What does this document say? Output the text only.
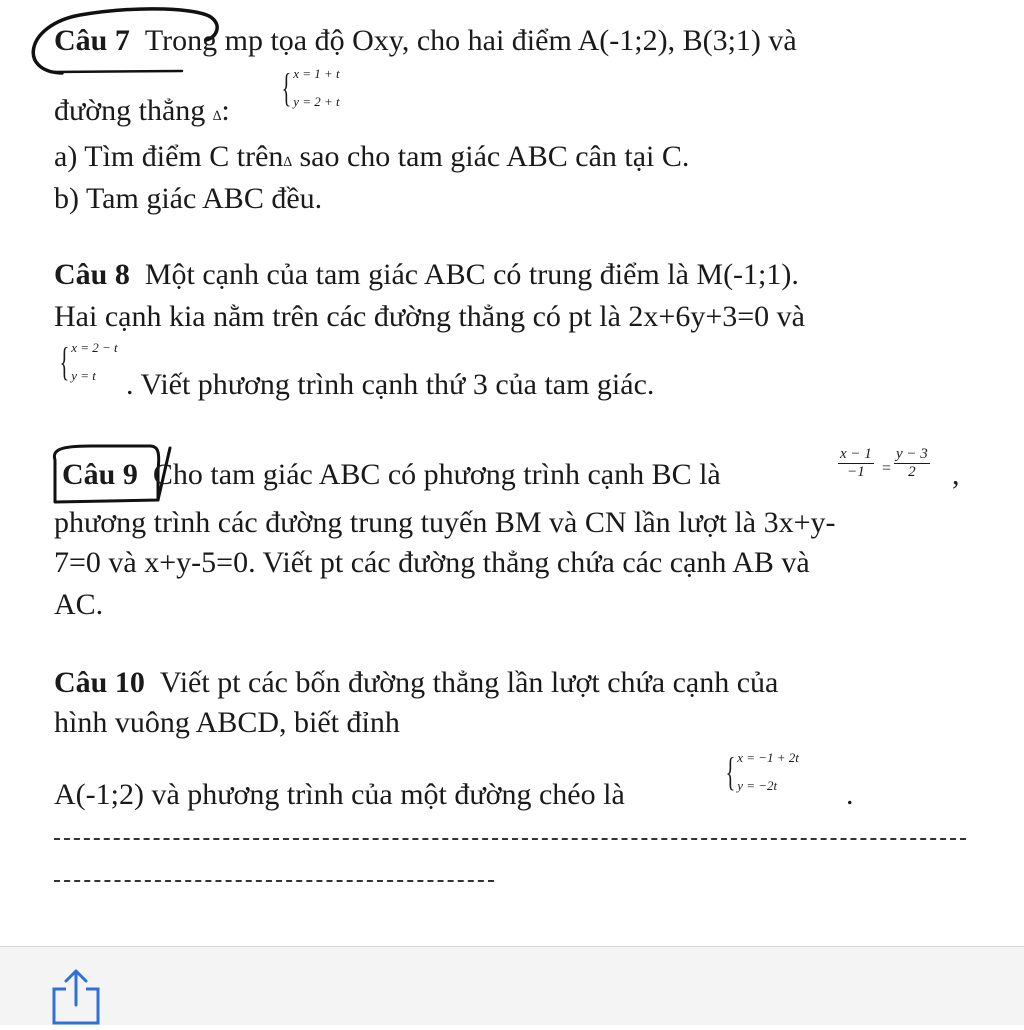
Câu 7 Trong mp tọa độ Oxy, cho hai điểm A(-1;2), B(3;1) và
đường thẳng ∆:
{ x = 1 + t
y = 2 + t
a) Tìm điểm C trên∆ sao cho tam giác ABC cân tại C.
b) Tam giác ABC đều.
Câu 8 Một cạnh của tam giác ABC có trung điểm là M(-1;1).
Hai cạnh kia nằm trên các đường thẳng có pt là 2x+6y+3=0 và
{ x = 2 − t
y = t	. Viết phương trình cạnh thứ 3 của tam giác.
Câu 9 Cho tam giác ABC có phương trình cạnh BC là	$\frac{x - 1}{-1} = \frac{y - 3}{2}$ ,
phương trình các đường trung tuyến BM và CN lần lượt là 3x+y-
7=0 và x+y-5=0. Viết pt các đường thẳng chứa các cạnh AB và
AC.
Câu 10 Viết pt các bốn đường thẳng lần lượt chứa cạnh của
hình vuông ABCD, biết đỉnh
A(-1;2) và phương trình của một đường chéo là
{ x = −1 + 2t
y = −2t	.
